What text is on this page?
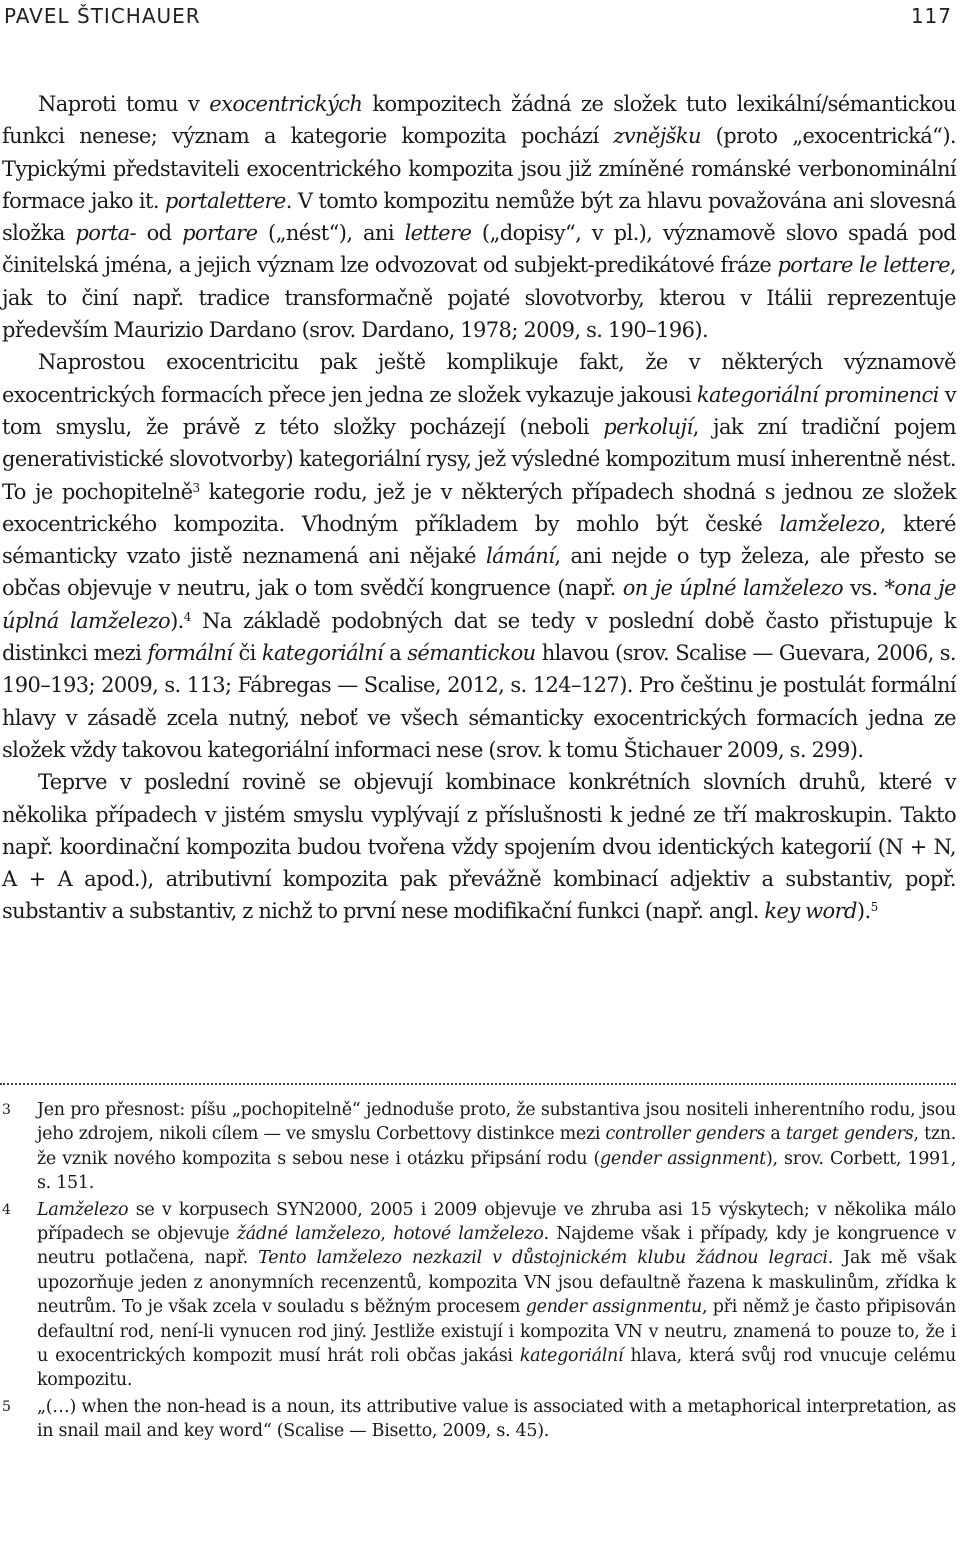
PAVEL ŠTICHAUER	117

Naproti tomu v exocentrických kompozitech žádná ze složek tuto lexikální/sémantickou funkci nenese; význam a kategorie kompozita pochází zvnějšku (proto „exocentrická“). Typickými představiteli exocentrického kompozita jsou již zmíněné románské verbonominální formace jako it. portalettere. V tomto kompozitu nemůže být za hlavu považována ani slovesná složka porta- od portare („nést“), ani lettere („dopisy“, v pl.), významově slovo spadá pod činitelská jména, a jejich význam lze odvozovat od subjekt-predikátové fráze portare le lettere, jak to činí např. tradice transformačně pojaté slovotvorby, kterou v Itálii reprezentuje především Maurizio Dardano (srov. Dardano, 1978; 2009, s. 190–196).

Naprostou exocentricitu pak ještě komplikuje fakt, že v některých významově exocentrických formacích přece jen jedna ze složek vykazuje jakousi kategoriální prominenci v tom smyslu, že právě z této složky pocházejí (neboli perkolují, jak zní tradiční pojem generativistické slovotvorby) kategoriální rysy, jež výsledné kompozitum musí inherentně nést. To je pochopitelně$^3$ kategorie rodu, jež je v některých případech shodná s jednou ze složek exocentrického kompozita. Vhodným příkladem by mohlo být české lamželezo, které sémanticky vzato jistě neznamená ani nějaké lámání, ani nejde o typ železa, ale přesto se občas objevuje v neutru, jak o tom svědčí kongruence (např. on je úplné lamželezo vs. *ona je úplná lamželezo).$^4$ Na základě podobných dat se tedy v poslední době často přistupuje k distinkci mezi formální či kategoriální a sémantickou hlavou (srov. Scalise — Guevara, 2006, s. 190–193; 2009, s. 113; Fábregas — Scalise, 2012, s. 124–127). Pro češtinu je postulát formální hlavy v zásadě zcela nutný, neboť ve všech sémanticky exocentrických formacích jedna ze složek vždy takovou kategoriální informaci nese (srov. k tomu Štichauer 2009, s. 299).

Teprve v poslední rovině se objevují kombinace konkrétních slovních druhů, které v několika případech v jistém smyslu vyplývají z příslušnosti k jedné ze tří makroskupin. Takto např. koordinační kompozita budou tvořena vždy spojením dvou identických kategorií (N + N, A + A apod.), atributivní kompozita pak převážně kombinací adjektiv a substantiv, popř. substantiv a substantiv, z nichž to první nese modifikační funkci (např. angl. key word).$^5$

3 Jen pro přesnost: píšu „pochopitelně“ jednoduše proto, že substantiva jsou nositeli inherentního rodu, jsou jeho zdrojem, nikoli cílem — ve smyslu Corbettovy distinkce mezi controller genders a target genders, tzn. že vznik nového kompozita s sebou nese i otázku připsání rodu (gender assignment), srov. Corbett, 1991, s. 151.
4 Lamželezo se v korpusech SYN2000, 2005 i 2009 objevuje ve zhruba asi 15 výskytech; v několika málo případech se objevuje žádné lamželezo, hotové lamželezo. Najdeme však i případy, kdy je kongruence v neutru potlačena, např. Tento lamželezo nezkazil v důstojnickém klubu žádnou legraci. Jak mě však upozorňuje jeden z anonymních recenzentů, kompozita VN jsou defaultně řazena k maskulinům, zřídka k neutrům. To je však zcela v souladu s běžným procesem gender assignmentu, při němž je často připisován defaultní rod, není-li vynucen rod jiný. Jestliže existují i kompozita VN v neutru, znamená to pouze to, že i u exocentrických kompozit musí hrát roli občas jakási kategoriální hlava, která svůj rod vnucuje celému kompozitu.
5 „(…) when the non-head is a noun, its attributive value is associated with a metaphorical interpretation, as in snail mail and key word“ (Scalise — Bisetto, 2009, s. 45).
